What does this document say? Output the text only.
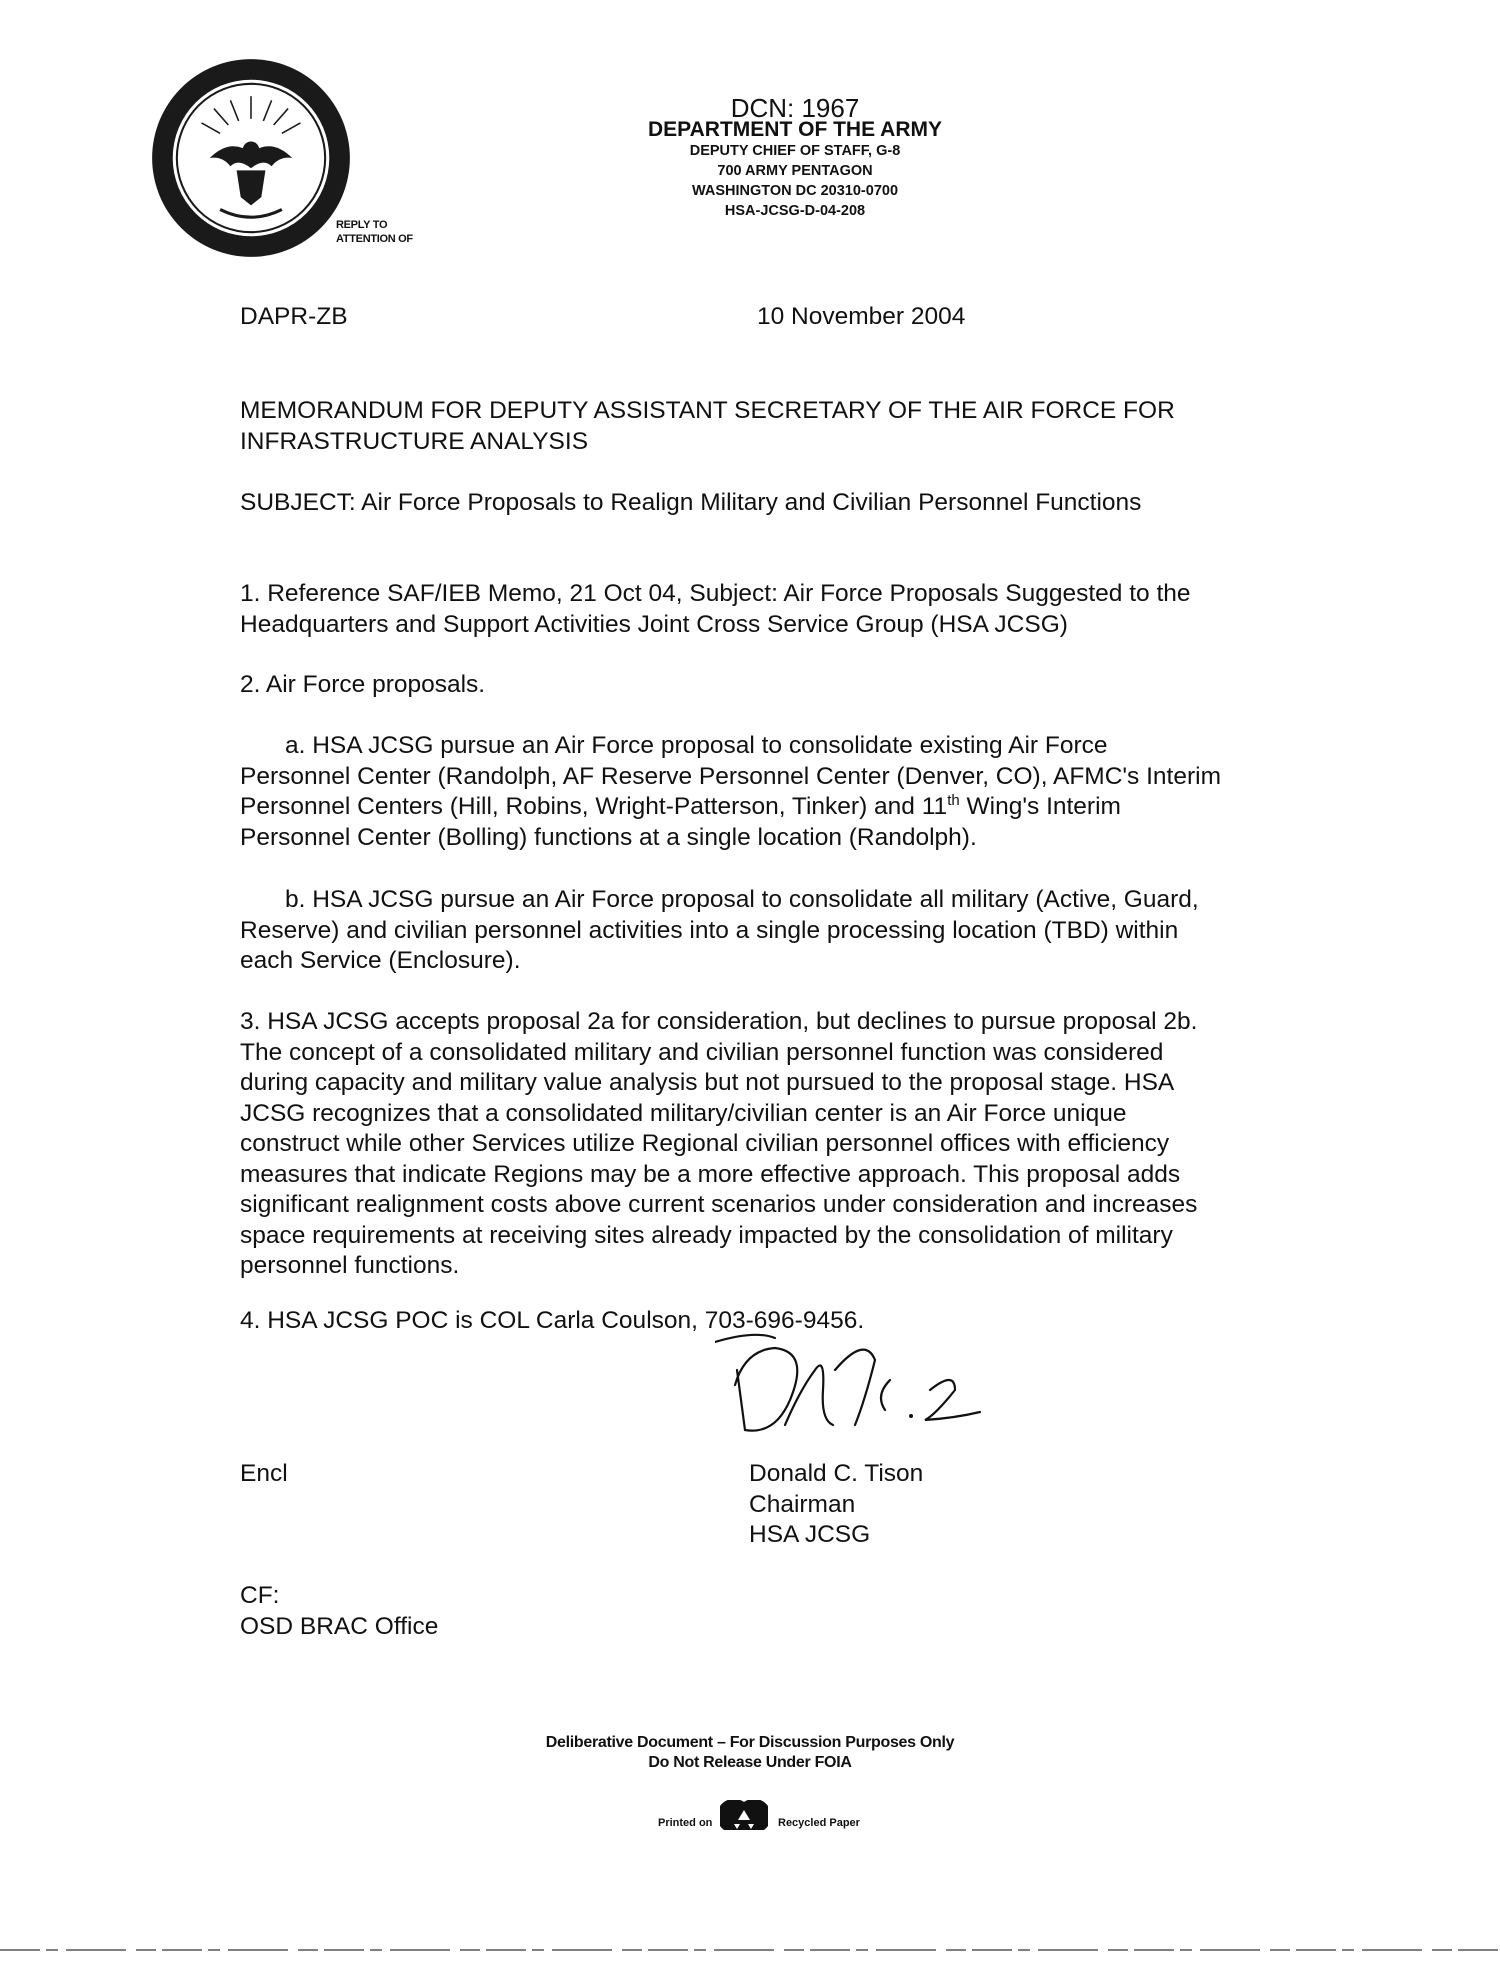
REPLY TO
ATTENTION OF
DCN: 1967
DEPARTMENT OF THE ARMY
DEPUTY CHIEF OF STAFF, G-8
700 ARMY PENTAGON
WASHINGTON DC 20310-0700
HSA-JCSG-D-04-208
DAPR-ZB	10 November 2004
MEMORANDUM FOR DEPUTY ASSISTANT SECRETARY OF THE AIR FORCE FOR
INFRASTRUCTURE ANALYSIS
SUBJECT: Air Force Proposals to Realign Military and Civilian Personnel Functions
1. Reference SAF/IEB Memo, 21 Oct 04, Subject: Air Force Proposals Suggested to the
Headquarters and Support Activities Joint Cross Service Group (HSA JCSG)
2. Air Force proposals.
a. HSA JCSG pursue an Air Force proposal to consolidate existing Air Force
Personnel Center (Randolph, AF Reserve Personnel Center (Denver, CO), AFMC's Interim
Personnel Centers (Hill, Robins, Wright-Patterson, Tinker) and 11th Wing's Interim
Personnel Center (Bolling) functions at a single location (Randolph).
b. HSA JCSG pursue an Air Force proposal to consolidate all military (Active, Guard,
Reserve) and civilian personnel activities into a single processing location (TBD) within
each Service (Enclosure).
3. HSA JCSG accepts proposal 2a for consideration, but declines to pursue proposal 2b.
The concept of a consolidated military and civilian personnel function was considered
during capacity and military value analysis but not pursued to the proposal stage. HSA
JCSG recognizes that a consolidated military/civilian center is an Air Force unique
construct while other Services utilize Regional civilian personnel offices with efficiency
measures that indicate Regions may be a more effective approach. This proposal adds
significant realignment costs above current scenarios under consideration and increases
space requirements at receiving sites already impacted by the consolidation of military
personnel functions.
4. HSA JCSG POC is COL Carla Coulson, 703-696-9456.
Encl	Donald C. Tison
Chairman
HSA JCSG
CF:
OSD BRAC Office
Deliberative Document – For Discussion Purposes Only
Do Not Release Under FOIA
Printed on	Recycled Paper
